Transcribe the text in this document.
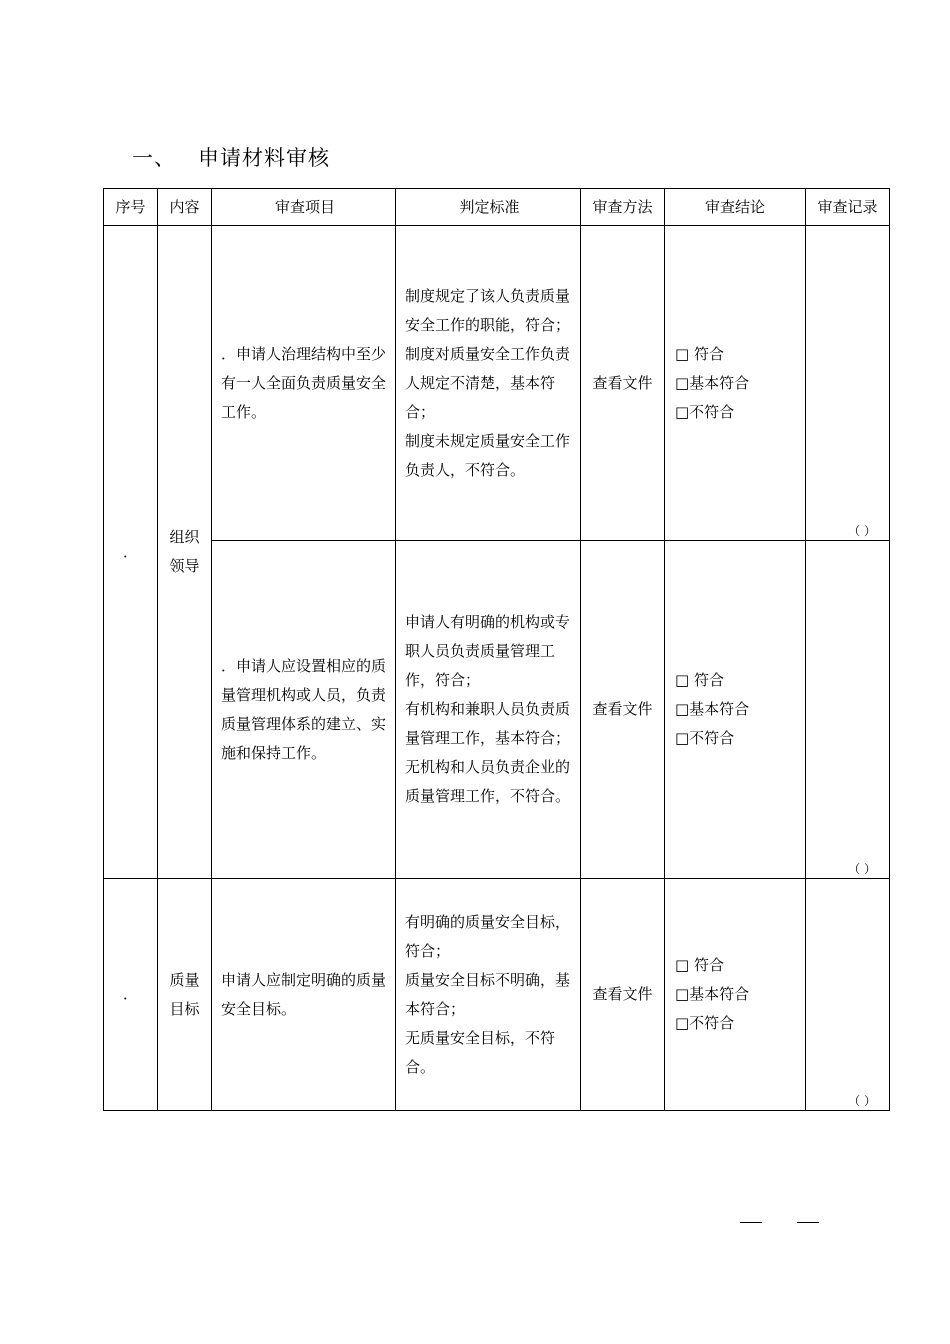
一、 申请材料审核
序号	内容	审查项目	判定标准	审查方法	审查结论	审查记录
．	组织
领导	．申请人治理结构中至少有一人全面负责质量安全工作。	制度规定了该人负责质量安全工作的职能，符合；
制度对质量安全工作负责人规定不清楚，基本符合；
制度未规定质量安全工作负责人，不符合。	查看文件	□ 符合
□基本符合
□不符合	（ ）

		．申请人应设置相应的质量管理机构或人员，负责质量管理体系的建立、实施和保持工作。	申请人有明确的机构或专职人员负责质量管理工作，符合；
有机构和兼职人员负责质量管理工作，基本符合；
无机构和人员负责企业的质量管理工作，不符合。	查看文件	□ 符合
□基本符合
□不符合	（ ）

．	质量
目标	申请人应制定明确的质量安全目标。	有明确的质量安全目标，符合；
质量安全目标不明确，基本符合；
无质量安全目标，不符合。	查看文件	□ 符合
□基本符合
□不符合	（ ）
